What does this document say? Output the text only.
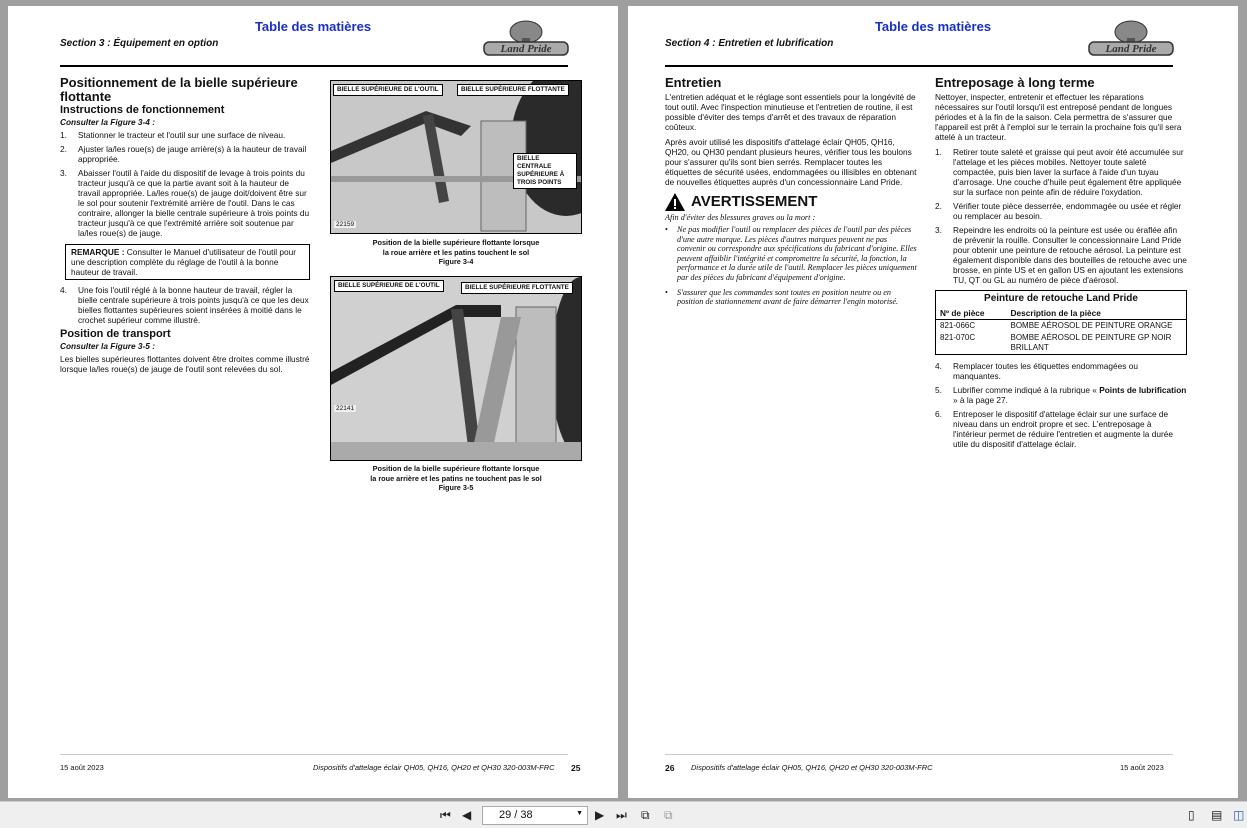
Table des matières
Section 3 : Équipement en option	Land Pride
Positionnement de la bielle supérieure flottante
Instructions de fonctionnement
Consulter la Figure 3-4 :
1. Stationner le tracteur et l'outil sur une surface de niveau.
2. Ajuster la/les roue(s) de jauge arrière(s) à la hauteur de travail appropriée.
3. Abaisser l'outil à l'aide du dispositif de levage à trois points du tracteur jusqu'à ce que la partie avant soit à la hauteur de travail appropriée. La/les roue(s) de jauge doit/doivent être sur le sol pour soutenir l'extrémité arrière de l'outil. Dans le cas contraire, allonger la bielle centrale supérieure à trois points du tracteur jusqu'à ce que l'extrémité arrière soit soutenue par la/les roue(s) de jauge.
REMARQUE : Consulter le Manuel d'utilisateur de l'outil pour une description complète du réglage de l'outil à la bonne hauteur de travail.
4. Une fois l'outil réglé à la bonne hauteur de travail, régler la bielle centrale supérieure à trois points jusqu'à ce que les deux bielles flottantes supérieures soient insérées à moitié dans le crochet supérieur comme illustré.
Position de transport
Consulter la Figure 3-5 :

Les bielles supérieures flottantes doivent être droites comme illustré lorsque la/les roue(s) de jauge de l'outil sont relevées du sol.

BIELLE SUPÉRIEURE DE L'OUTIL	BIELLE SUPÉRIEURE FLOTTANTE
BIELLE CENTRALE SUPÉRIEURE À TROIS POINTS
22159
Position de la bielle supérieure flottante lorsque
la roue arrière et les patins touchent le sol
Figure 3-4
BIELLE SUPÉRIEURE DE L'OUTIL	BIELLE SUPÉRIEURE FLOTTANTE
22141
Position de la bielle supérieure flottante lorsque
la roue arrière et les patins ne touchent pas le sol
Figure 3-5
15 août 2023	Dispositifs d'attelage éclair QH05, QH16, QH20 et QH30 320-003M-FRC 25
Table des matières
Section 4 : Entretien et lubrification	Land Pride
Entretien

L'entretien adéquat et le réglage sont essentiels pour la longévité de tout outil. Avec l'inspection minutieuse et l'entretien de routine, il est possible d'éviter des temps d'arrêt et des travaux de réparation coûteux.

Après avoir utilisé les dispositifs d'attelage éclair QH05, QH16, QH20, ou QH30 pendant plusieurs heures, vérifier tous les boulons pour s'assurer qu'ils sont bien serrés. Remplacer toutes les étiquettes de sécurité usées, endommagées ou illisibles en obtenant de nouvelles étiquettes auprès d'un concessionnaire Land Pride.

AVERTISSEMENT
Afin d'éviter des blessures graves ou la mort :
• Ne pas modifier l'outil ou remplacer des pièces de l'outil par des pièces d'une autre marque. Les pièces d'autres marques peuvent ne pas convenir ou correspondre aux spécifications du fabricant d'origine. Elles peuvent affaiblir l'intégrité et compromettre la sécurité, la fonction, la performance et la durée utile de l'outil. Remplacer les pièces uniquement par des pièces du fabricant d'équipement d'origine.
• S'assurer que les commandes sont toutes en position neutre ou en position de stationnement avant de faire démarrer l'engin motorisé.
Entreposage à long terme

Nettoyer, inspecter, entretenir et effectuer les réparations nécessaires sur l'outil lorsqu'il est entreposé pendant de longues périodes et à la fin de la saison. Cela permettra de s'assurer que l'appareil est prêt à l'emploi sur le terrain la prochaine fois qu'il sera attelé à un tracteur.

1. Retirer toute saleté et graisse qui peut avoir été accumulée sur l'attelage et les pièces mobiles. Nettoyer toute saleté compactée, puis bien laver la surface à l'aide d'un tuyau d'arrosage. Une couche d'huile peut également être appliquée sur la surface non peinte afin de réduire l'oxydation.
2. Vérifier toute pièce desserrée, endommagée ou usée et régler ou remplacer au besoin.
3. Repeindre les endroits où la peinture est usée ou éraflée afin de prévenir la rouille. Consulter le concessionnaire Land Pride pour obtenir une peinture de retouche aérosol. La peinture est également disponible dans des bouteilles de retouche avec une brosse, en pinte US et en gallon US en ajoutant les extensions TU, QT ou GL au numéro de pièce d'aérosol.
Peinture de retouche Land Pride	
Nº de pièce	Description de la pièce
821-066C	BOMBE AÉROSOL DE PEINTURE ORANGE
821-070C	BOMBE AÉROSOL DE PEINTURE GP NOIR BRILLANT
4. Remplacer toutes les étiquettes endommagées ou manquantes.
5. Lubrifier comme indiqué à la rubrique « Points de lubrification » à la page 27.
6. Entreposer le dispositif d'attelage éclair sur une surface de niveau dans un endroit propre et sec. L'entreposage à l'intérieur permet de réduire l'entretien et augmente la durée utile du dispositif d'attelage éclair.
26 Dispositifs d'attelage éclair QH05, QH16, QH20 et QH30 320-003M-FRC	15 août 2023
⏮ ◀	29 / 38	▼ ▶ ⏭ ⧉ ⧉	▯ ▤ ◫
